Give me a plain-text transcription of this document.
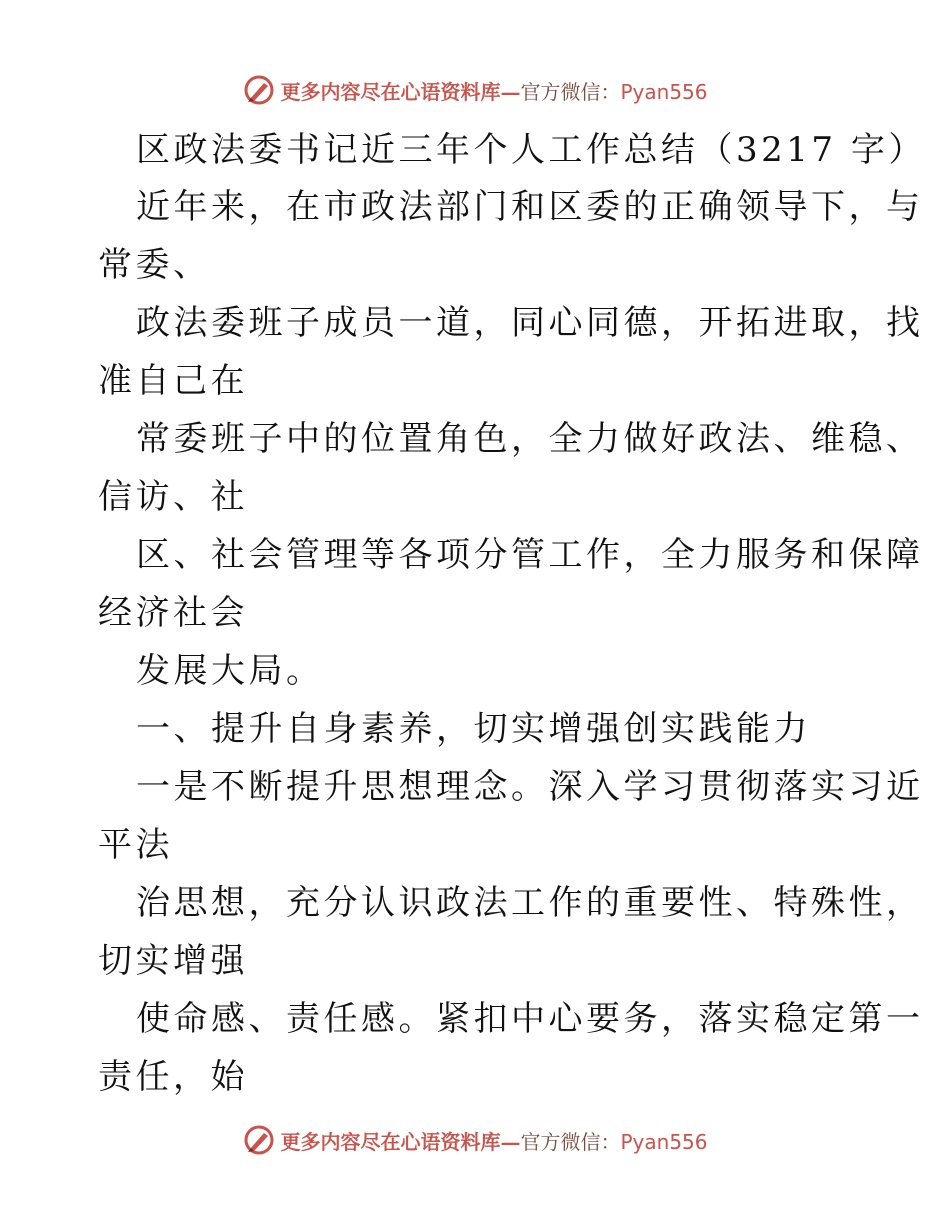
更多内容尽在心语资料库—官方微信：Pyan556
区政法委书记近三年个人工作总结（3217 字）
近年来，在市政法部门和区委的正确领导下，与
常委、
政法委班子成员一道，同心同德，开拓进取，找
准自己在
常委班子中的位置角色，全力做好政法、维稳、
信访、社
区、社会管理等各项分管工作，全力服务和保障
经济社会
发展大局。
一、提升自身素养，切实增强创实践能力
一是不断提升思想理念。深入学习贯彻落实习近
平法
治思想，充分认识政法工作的重要性、特殊性，
切实增强
使命感、责任感。紧扣中心要务，落实稳定第一
责任，始
更多内容尽在心语资料库—官方微信：Pyan556
